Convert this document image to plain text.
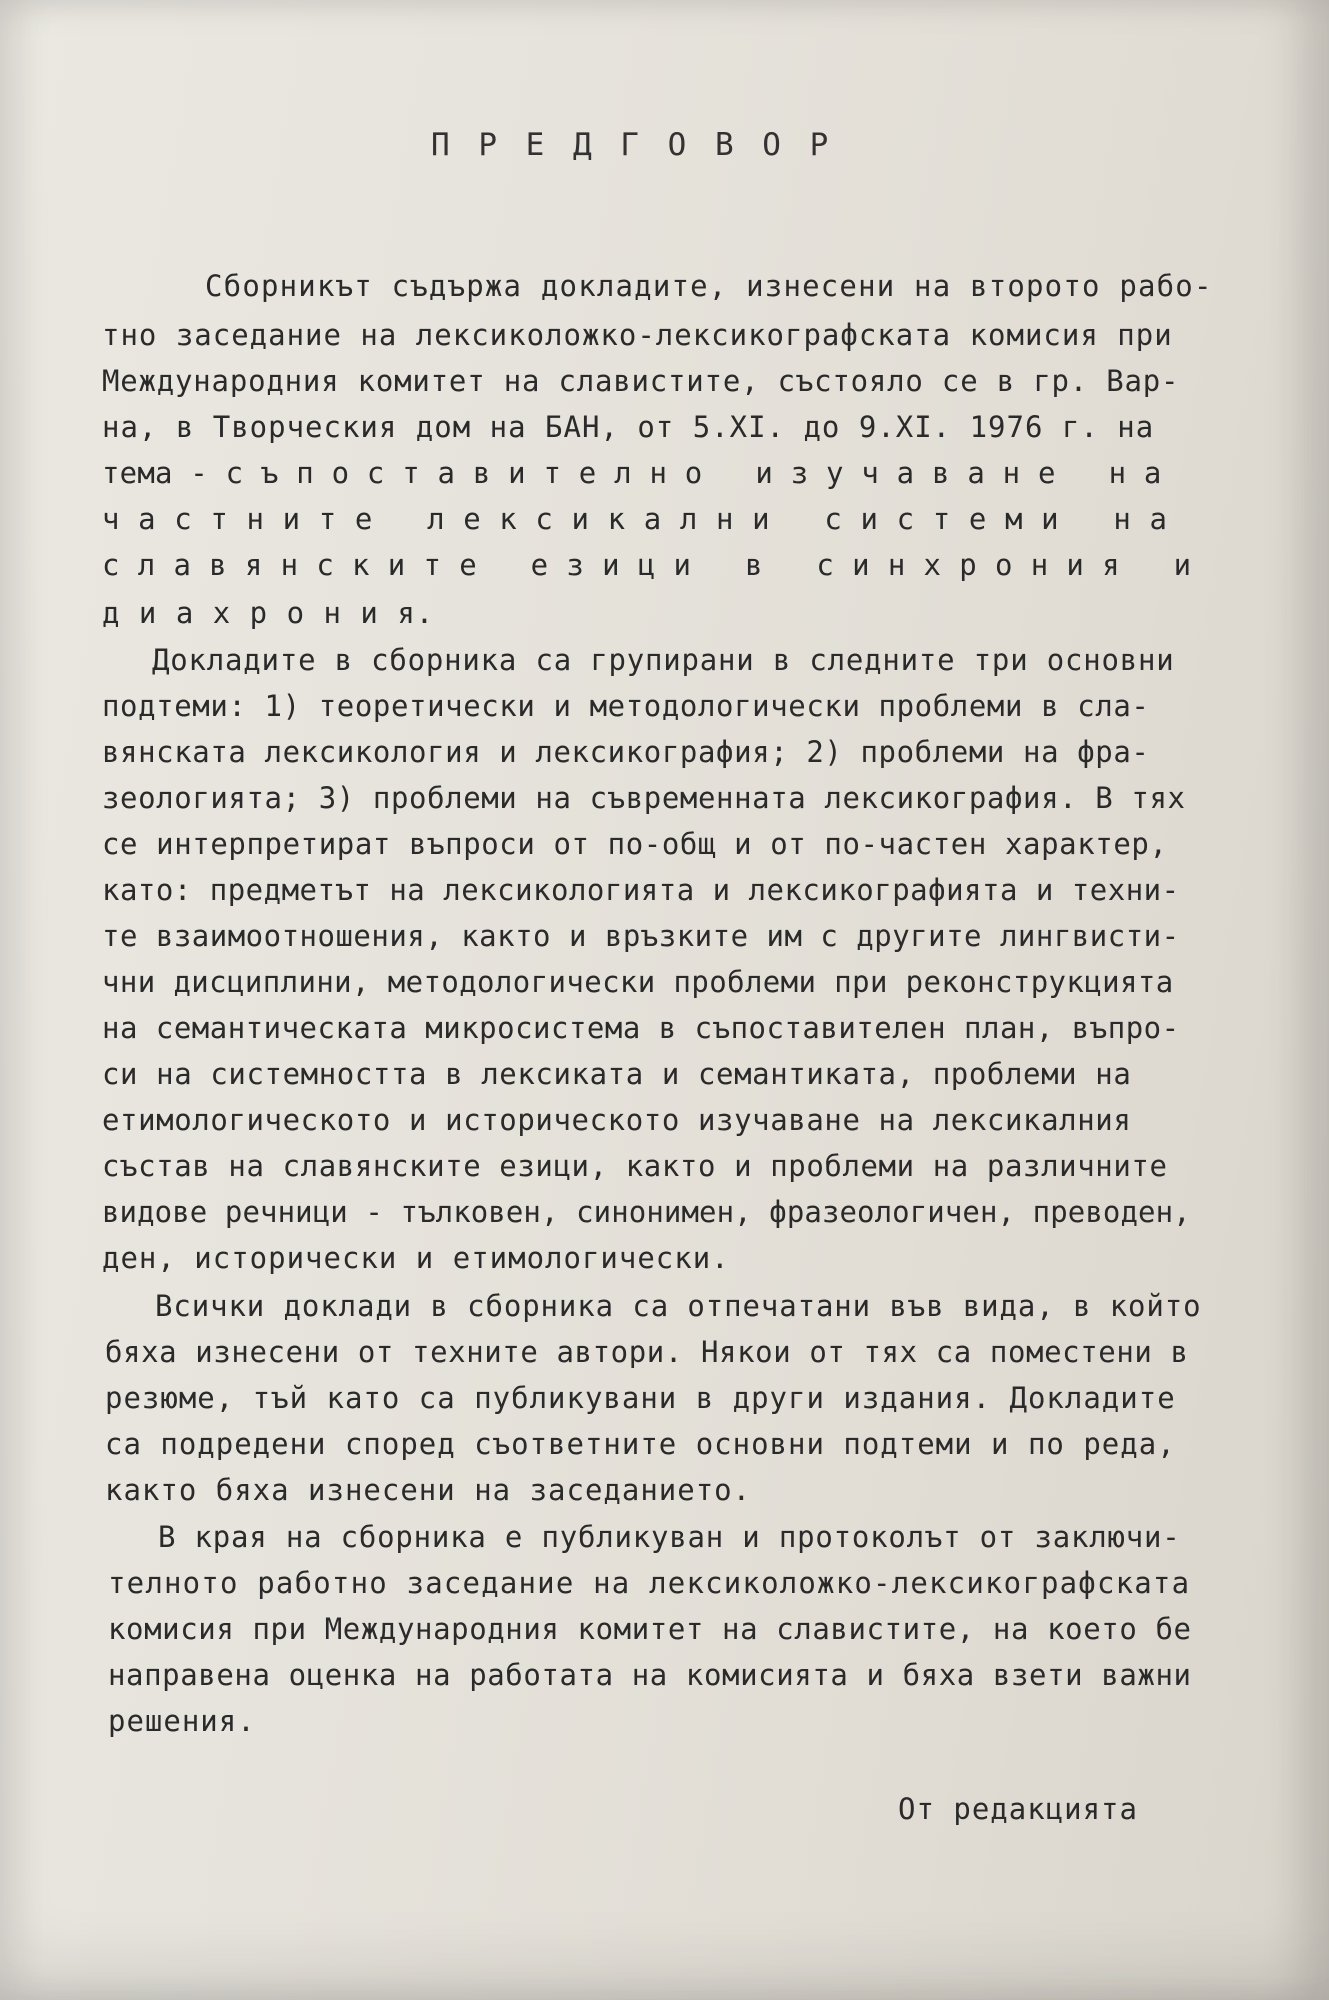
П Р Е Д Г О В О Р
Сборникът съдържа докладите, изнесени на второто рабо-
тно заседание на лексиколожко-лексикографската комисия при
Международния комитет на славистите, състояло се в гр. Вар-
на, в Творческия дом на БАН, от 5.XI. до 9.XI. 1976 г. на
тема - с ъ п о с т а в и т е л н о   и з у ч а в а н е   н а
ч а с т н и т е   л е к с и к а л н и   с и с т е м и   н а
с л а в я н с к и т е   е з и ц и   в   с и н х р о н и я   и
д и а х р о н и я.
Докладите в сборника са групирани в следните три основни
подтеми: 1) теоретически и методологически проблеми в сла-
вянската лексикология и лексикография; 2) проблеми на фра-
зеологията; 3) проблеми на съвременната лексикография. В тях
се интерпретират въпроси от по-общ и от по-частен характер,
като: предметът на лексикологията и лексикографията и техни-
те взаимоотношения, както и връзките им с другите лингвисти-
чни дисциплини, методологически проблеми при реконструкцията
на семантическата микросистема в съпоставителен план, въпро-
си на системността в лексиката и семантиката, проблеми на
етимологическото и историческото изучаване на лексикалния
състав на славянските езици, както и проблеми на различните
видове речници - тълковен, синонимен, фразеологичен, преводен,
ден, исторически и етимологически.
Всички доклади в сборника са отпечатани във вида, в който
бяха изнесени от техните автори. Някои от тях са поместени в
резюме, тъй като са публикувани в други издания. Докладите
са подредени според съответните основни подтеми и по реда,
както бяха изнесени на заседанието.
В края на сборника е публикуван и протоколът от заключи-
телното работно заседание на лексиколожко-лексикографската
комисия при Международния комитет на славистите, на което бе
направена оценка на работата на комисията и бяха взети важни
решения.
От редакцията
